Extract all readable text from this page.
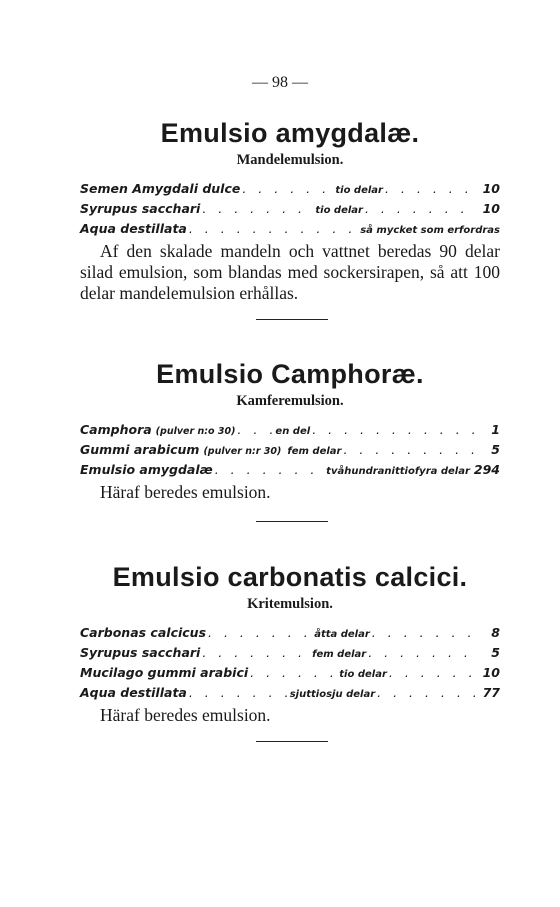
— 98 —
Emulsio amygdalæ.
Mandelemulsion.
Semen Amygdali dulce . . .	tio delar . . .	10
Syrupus sacchari . . .	tio delar . . .	10
Aqua destillata . . .	så mycket som erfordras

Af den skalade mandeln och vattnet beredas 90 delar silad emulsion, som blandas med sockersirapen, så att 100 delar mandelemulsion erhållas.

Emulsio Camphoræ.
Kamferemulsion.
Camphora (pulver n:o 30) . . .	en del . . .	1
Gummi arabicum (pulver n:r 30) fem delar . . .	5
Emulsio amygdalæ . . .	tvåhundranittiofyra delar 294

Häraf beredes emulsion.

Emulsio carbonatis calcici.
Kritemulsion.
Carbonas calcicus . . .	åtta delar . . .	8
Syrupus sacchari . . .	fem delar . . .	5
Mucilago gummi arabici . . .	tio delar . . .	10
Aqua destillata . . .	sjuttiosju delar . . .	77

Häraf beredes emulsion.
